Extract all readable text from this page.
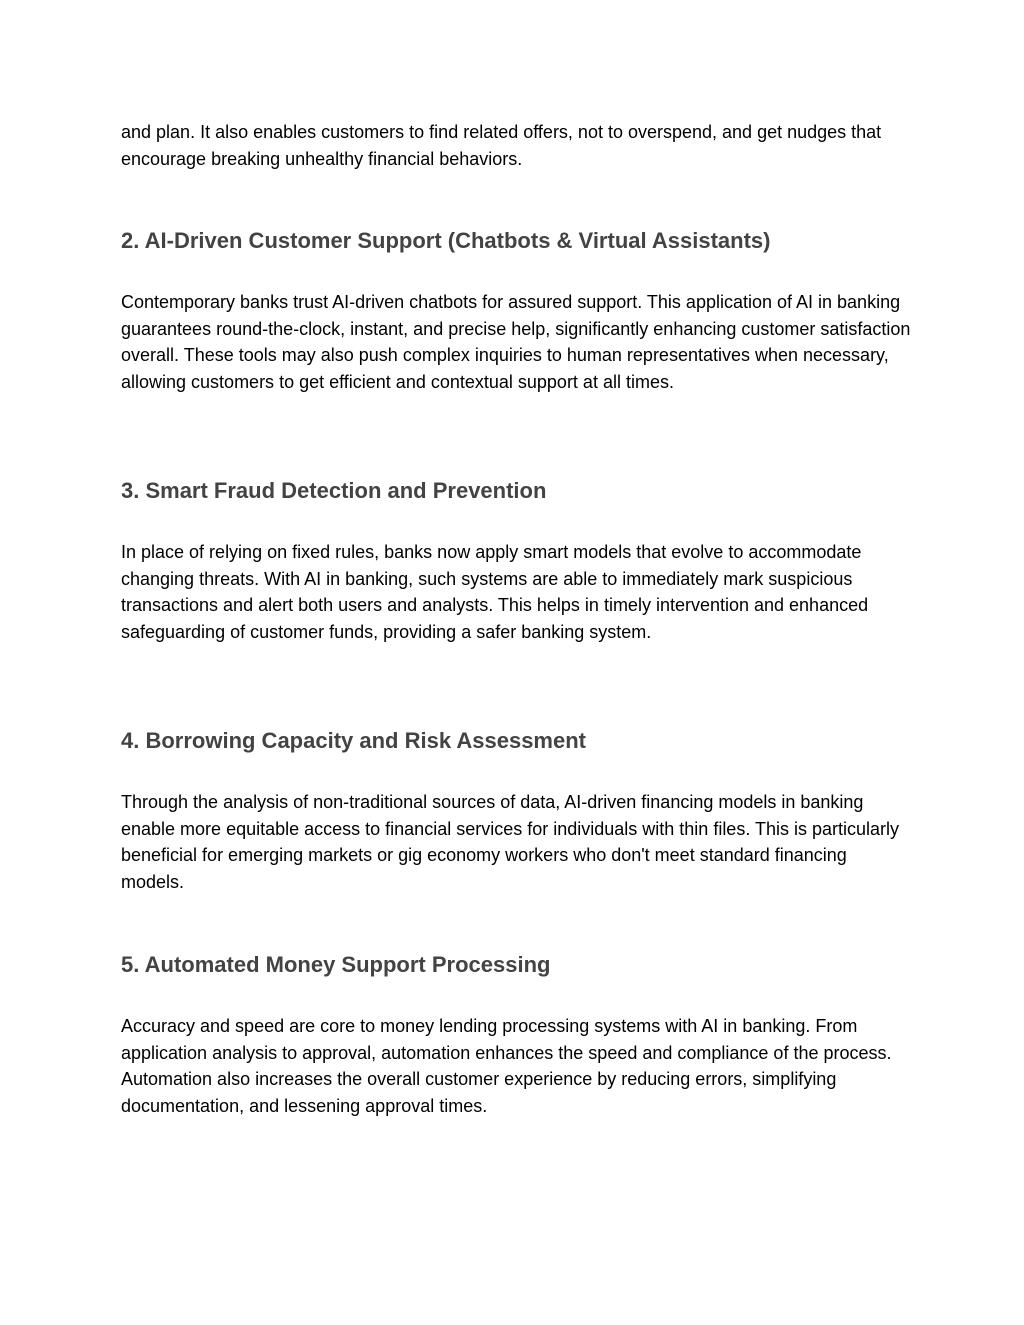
and plan. It also enables customers to find related offers, not to overspend, and get nudges that encourage breaking unhealthy financial behaviors.

2. AI-Driven Customer Support (Chatbots & Virtual Assistants)

Contemporary banks trust AI-driven chatbots for assured support. This application of AI in banking guarantees round-the-clock, instant, and precise help, significantly enhancing customer satisfaction overall. These tools may also push complex inquiries to human representatives when necessary, allowing customers to get efficient and contextual support at all times.

3. Smart Fraud Detection and Prevention

In place of relying on fixed rules, banks now apply smart models that evolve to accommodate changing threats. With AI in banking, such systems are able to immediately mark suspicious transactions and alert both users and analysts. This helps in timely intervention and enhanced safeguarding of customer funds, providing a safer banking system.

4. Borrowing Capacity and Risk Assessment

Through the analysis of non-traditional sources of data, AI-driven financing models in banking enable more equitable access to financial services for individuals with thin files. This is particularly beneficial for emerging markets or gig economy workers who don't meet standard financing models.

5. Automated Money Support Processing

Accuracy and speed are core to money lending processing systems with AI in banking. From application analysis to approval, automation enhances the speed and compliance of the process. Automation also increases the overall customer experience by reducing errors, simplifying documentation, and lessening approval times.
